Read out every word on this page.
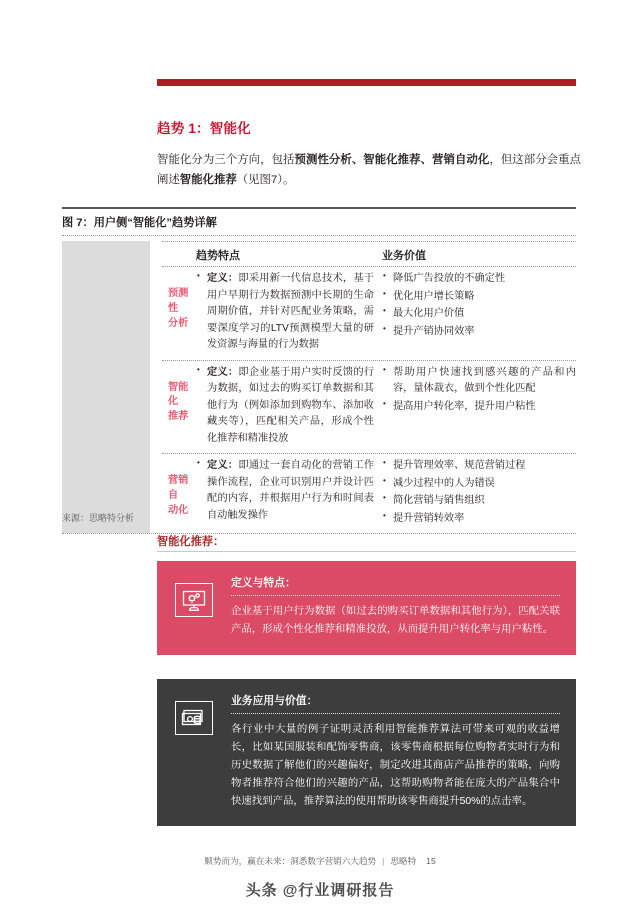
趋势 1：智能化
智能化分为三个方向，包括预测性分析、智能化推荐、营销自动化，但这部分会重点阐述智能化推荐（见图7）。
图 7：用户侧“智能化”趋势详解
趋势特点	业务价值
预测性
分析
• 定义：即采用新一代信息技术，基于用户早期行为数据预测中长期的生命周期价值，并针对匹配业务策略，需要深度学习的LTV预测模型大量的研发资源与海量的行为数据
• 降低广告投放的不确定性
• 优化用户增长策略
• 最大化用户价值
• 提升产销协同效率
智能化
推荐
• 定义：即企业基于用户实时反馈的行为数据，如过去的购买订单数据和其他行为（例如添加到购物车、添加收藏夹等），匹配相关产品，形成个性化推荐和精准投放
• 帮助用户快速找到感兴趣的产品和内容，量体裁衣，做到个性化匹配
• 提高用户转化率，提升用户粘性
营销自
动化
• 定义：即通过一套自动化的营销工作操作流程，企业可识别用户并设计匹配的内容，并根据用户行为和时间表自动触发操作
• 提升管理效率、规范营销过程
• 减少过程中的人为错误
• 简化营销与销售组织
• 提升营销转效率
来源：思略特分析
智能化推荐：
定义与特点：
企业基于用户行为数据（如过去的购买订单数据和其他行为），匹配关联产品，形成个性化推荐和精准投放，从而提升用户转化率与用户粘性。
业务应用与价值：
各行业中大量的例子证明灵活利用智能推荐算法可带来可观的收益增长，比如某国服装和配饰零售商，该零售商根据每位购物者实时行为和历史数据了解他们的兴趣偏好，制定改进其商店产品推荐的策略，向购物者推荐符合他们的兴趣的产品，这帮助购物者能在庞大的产品集合中快速找到产品，推荐算法的使用帮助该零售商提升50%的点击率。
顺势而为，赢在未来：洞悉数字营销六大趋势 | 思略特 15
头条 @行业调研报告
